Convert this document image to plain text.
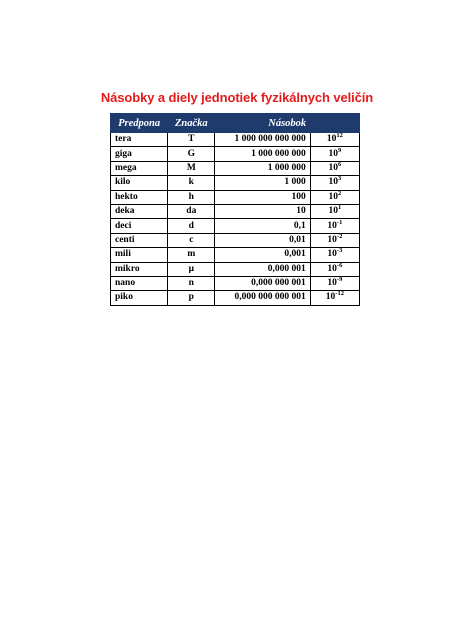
Násobky a diely jednotiek fyzikálnych veličín
Predpona	Značka	Násobok	
tera	T	1 000 000 000 000	$10^{12}$
giga	G	1 000 000 000	$10^9$
mega	M	1 000 000	$10^6$
kilo	k	1 000	$10^3$
hekto	h	100	$10^2$
deka	da	10	$10^1$
deci	d	0,1	$10^{-1}$
centi	c	0,01	$10^{-2}$
mili	m	0,001	$10^{-3}$
mikro	μ	0,000 001	$10^{-6}$
nano	n	0,000 000 001	$10^{-9}$
piko	p	0,000 000 000 001	$10^{-12}$
